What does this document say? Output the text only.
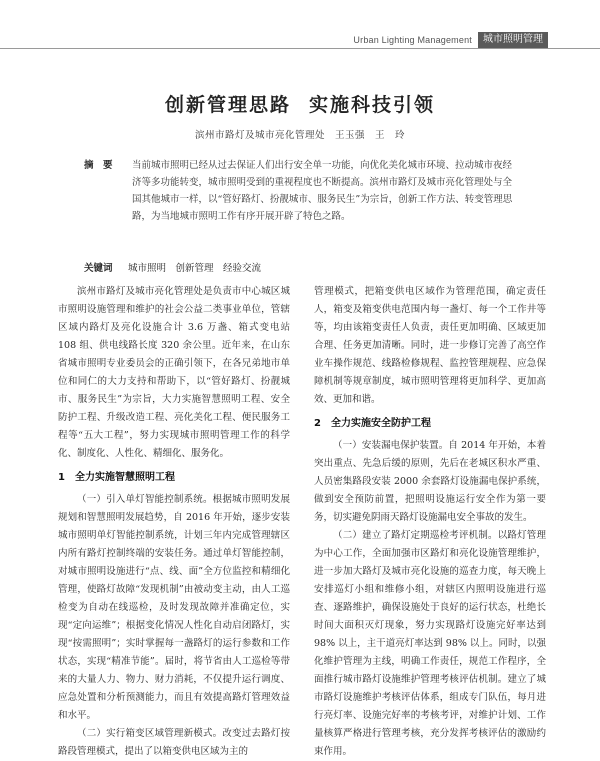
Urban Lighting Management	城市照明管理
创新管理思路 实施科技引领
滨州市路灯及城市亮化管理处　王玉强　王　玲
摘　要 当前城市照明已经从过去保证人们出行安全单一功能，向优化美化城市环境、拉动城市夜经济等多功能转变，城市照明受到的重视程度也不断提高。滨州市路灯及城市亮化管理处与全国其他城市一样，以“管好路灯、扮靓城市、服务民生”为宗旨，创新工作方法、转变管理思路，为当地城市照明工作有序开展开辟了特色之路。
关键词 城市照明　创新管理　经验交流

滨州市路灯及城市亮化管理处是负责市中心城区城市照明设施管理和维护的社会公益二类事业单位，管辖区域内路灯及亮化设施合计 3.6 万盏、箱式变电站 108 组、供电线路长度 320 余公里。近年来，在山东省城市照明专业委员会的正确引领下，在各兄弟地市单位和同仁的大力支持和帮助下，以“管好路灯、扮靓城市、服务民生”为宗旨，大力实施智慧照明工程、安全防护工程、升级改造工程、亮化美化工程、便民服务工程等“五大工程”，努力实现城市照明管理工作的科学化、制度化、人性化、精细化、服务化。

1　全力实施智慧照明工程

（一）引入单灯智能控制系统。根据城市照明发展规划和智慧照明发展趋势，自 2016 年开始，逐步安装城市照明单灯智能控制系统，计划三年内完成管理辖区内所有路灯控制终端的安装任务。通过单灯智能控制，对城市照明设施进行“点、线、面”全方位监控和精细化管理，使路灯故障“发现机制”由被动变主动，由人工巡检变为自动在线巡检，及时发现故障并准确定位，实现“定向运维”；根据变化情况人性化自动启闭路灯，实现“按需照明”；实时掌握每一盏路灯的运行参数和工作状态，实现“精准节能”。届时，将节省由人工巡检等带来的大量人力、物力、财力消耗，不仅提升运行调度、应急处置和分析预测能力，而且有效提高路灯管理效益和水平。

（二）实行箱变区域管理新模式。改变过去路灯按路段管理模式，提出了以箱变供电区域为主的

管理模式，把箱变供电区域作为管理范围，确定责任人，箱变及箱变供电范围内每一盏灯、每一个工作井等等，均由该箱变责任人负责，责任更加明确、区域更加合理、任务更加清晰。同时，进一步修订完善了高空作业车操作规范、线路检修规程、监控管理规程、应急保障机制等规章制度，城市照明管理将更加科学、更加高效、更加和谐。

2　全力实施安全防护工程

（一）安装漏电保护装置。自 2014 年开始，本着突出重点、先急后缓的原则，先后在老城区积水严重、人员密集路段安装 2000 余套路灯设施漏电保护系统，做到安全预防前置，把照明设施运行安全作为第一要务，切实避免阴雨天路灯设施漏电安全事故的发生。

（二）建立了路灯定期巡检考评机制。以路灯管理为中心工作，全面加强市区路灯和亮化设施管理维护，进一步加大路灯及城市亮化设施的巡查力度，每天晚上安排巡灯小组和维修小组，对辖区内照明设施进行巡查、逐路维护，确保设施处于良好的运行状态，杜绝长时间大面积灭灯现象，努力实现路灯设施完好率达到 98% 以上，主干道亮灯率达到 98% 以上。同时，以强化维护管理为主线，明确工作责任，规范工作程序，全面推行城市路灯设施维护管理考核评估机制。建立了城市路灯设施维护考核评估体系，组成专门队伍，每月进行亮灯率、设施完好率的考核考评，对维护计划、工作量核算严格进行管理考核，充分发挥考核评估的激励约束作用。
